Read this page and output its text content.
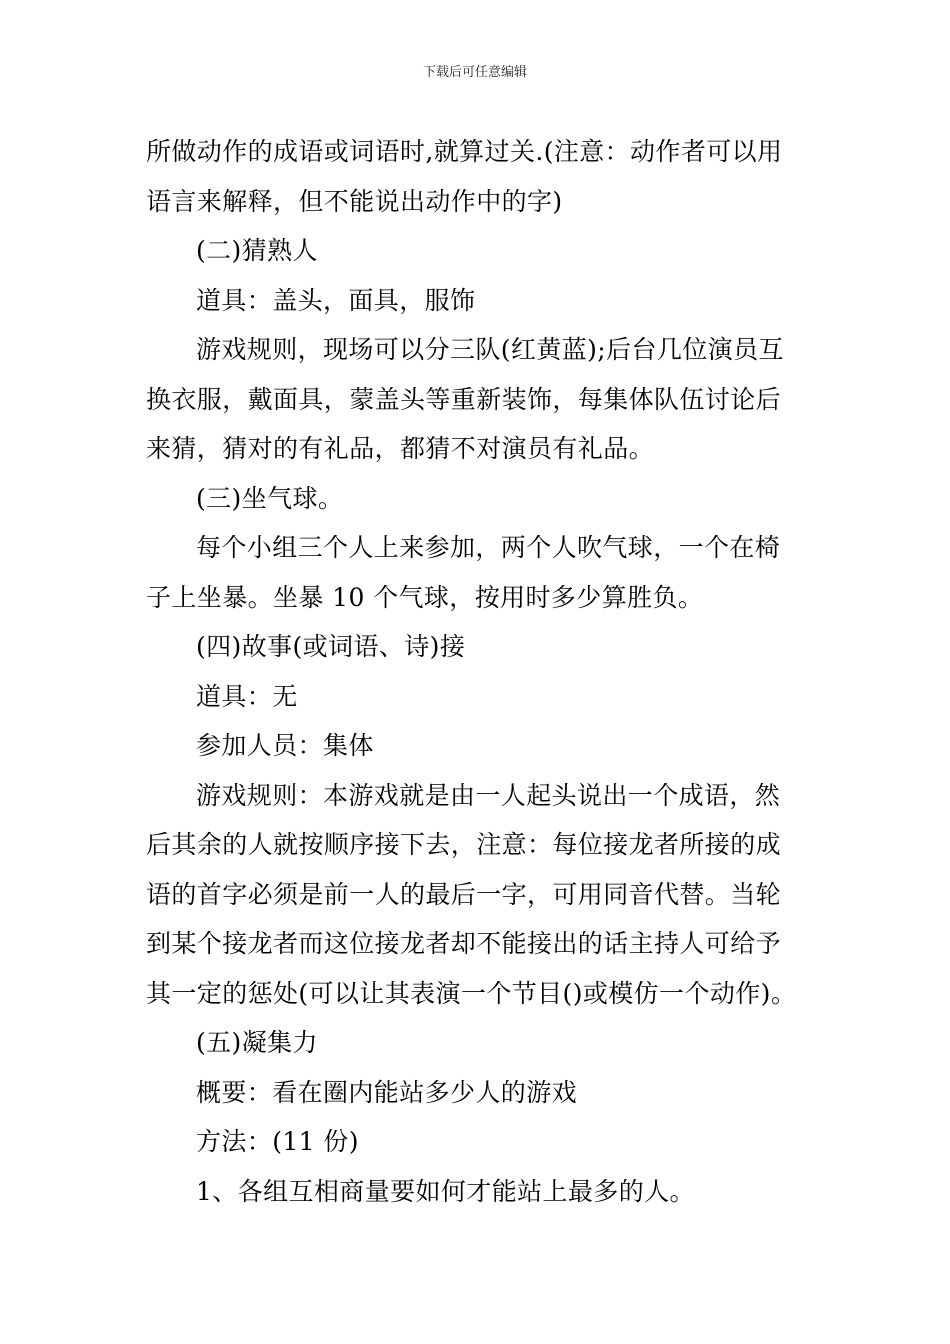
下载后可任意编辑

所做动作的成语或词语时,就算过关.(注意：动作者可以用

语言来解释，但不能说出动作中的字)

(二)猜熟人

道具：盖头，面具，服饰

游戏规则，现场可以分三队(红黄蓝);后台几位演员互

换衣服，戴面具，蒙盖头等重新装饰，每集体队伍讨论后

来猜，猜对的有礼品，都猜不对演员有礼品。

(三)坐气球。

每个小组三个人上来参加，两个人吹气球，一个在椅

子上坐暴。坐暴 10 个气球，按用时多少算胜负。

(四)故事(或词语、诗)接

道具：无

参加人员：集体

游戏规则：本游戏就是由一人起头说出一个成语，然

后其余的人就按顺序接下去，注意：每位接龙者所接的成

语的首字必须是前一人的最后一字，可用同音代替。当轮

到某个接龙者而这位接龙者却不能接出的话主持人可给予

其一定的惩处(可以让其表演一个节目()或模仿一个动作)。

(五)凝集力

概要：看在圈内能站多少人的游戏

方法：(11 份)

1、各组互相商量要如何才能站上最多的人。
